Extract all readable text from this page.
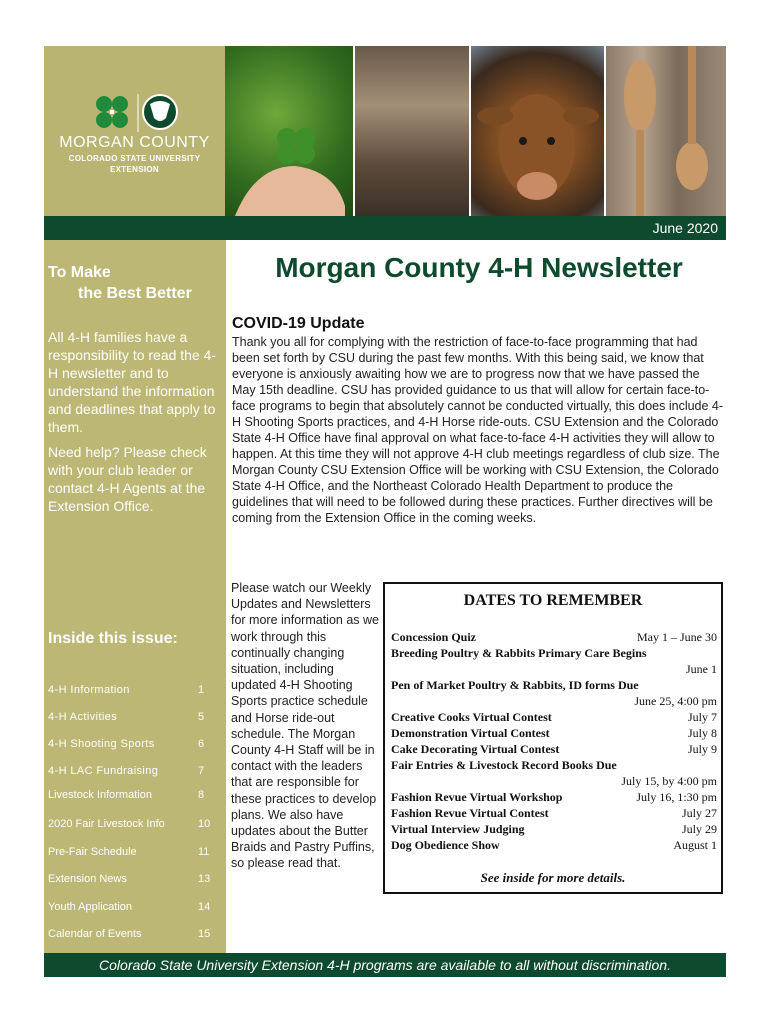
MORGAN COUNTY
COLORADO STATE UNIVERSITY
EXTENSION
June 2020
To Make
the Best Better
All 4-H families have a responsibility to read the 4-H newsletter and to understand the information and deadlines that apply to them.
Need help? Please check with your club leader or contact 4-H Agents at the Extension Office.
Inside this issue:
4-H Information	1
4-H Activities	5
4-H Shooting Sports	6
4-H LAC Fundraising	7
Livestock Information	8
2020 Fair Livestock Info	10
Pre-Fair Schedule	11
Extension News	13
Youth Application	14
Calendar of Events	15
Morgan County 4-H Newsletter
COVID-19 Update
Thank you all for complying with the restriction of face-to-face programming that had been set forth by CSU during the past few months. With this being said, we know that everyone is anxiously awaiting how we are to progress now that we have passed the May 15th deadline. CSU has provided guidance to us that will allow for certain face-to-face programs to begin that absolutely cannot be conducted virtually, this does include 4-H Shooting Sports practices, and 4-H Horse ride-outs. CSU Extension and the Colorado State 4-H Office have final approval on what face-to-face 4-H activities they will allow to happen. At this time they will not approve 4-H club meetings regardless of club size. The Morgan County CSU Extension Office will be working with CSU Extension, the Colorado State 4-H Office, and the Northeast Colorado Health Department to produce the guidelines that will need to be followed during these practices. Further directives will be coming from the Extension Office in the coming weeks.
Please watch our Weekly Updates and Newsletters for more information as we work through this continually changing situation, including updated 4-H Shooting Sports practice schedule and Horse ride-out schedule. The Morgan County 4-H Staff will be in contact with the leaders that are responsible for these practices to develop plans. We also have updates about the Butter Braids and Pastry Puffins, so please read that.
DATES TO REMEMBER
Concession Quiz	May 1 – June 30
Breeding Poultry & Rabbits Primary Care Begins
June 1
Pen of Market Poultry & Rabbits, ID forms Due
June 25, 4:00 pm
Creative Cooks Virtual Contest	July 7
Demonstration Virtual Contest	July 8
Cake Decorating Virtual Contest	July 9
Fair Entries & Livestock Record Books Due
July 15, by 4:00 pm
Fashion Revue Virtual Workshop	July 16, 1:30 pm
Fashion Revue Virtual Contest	July 27
Virtual Interview Judging	July 29
Dog Obedience Show	August 1
See inside for more details.
Colorado State University Extension 4-H programs are available to all without discrimination.
